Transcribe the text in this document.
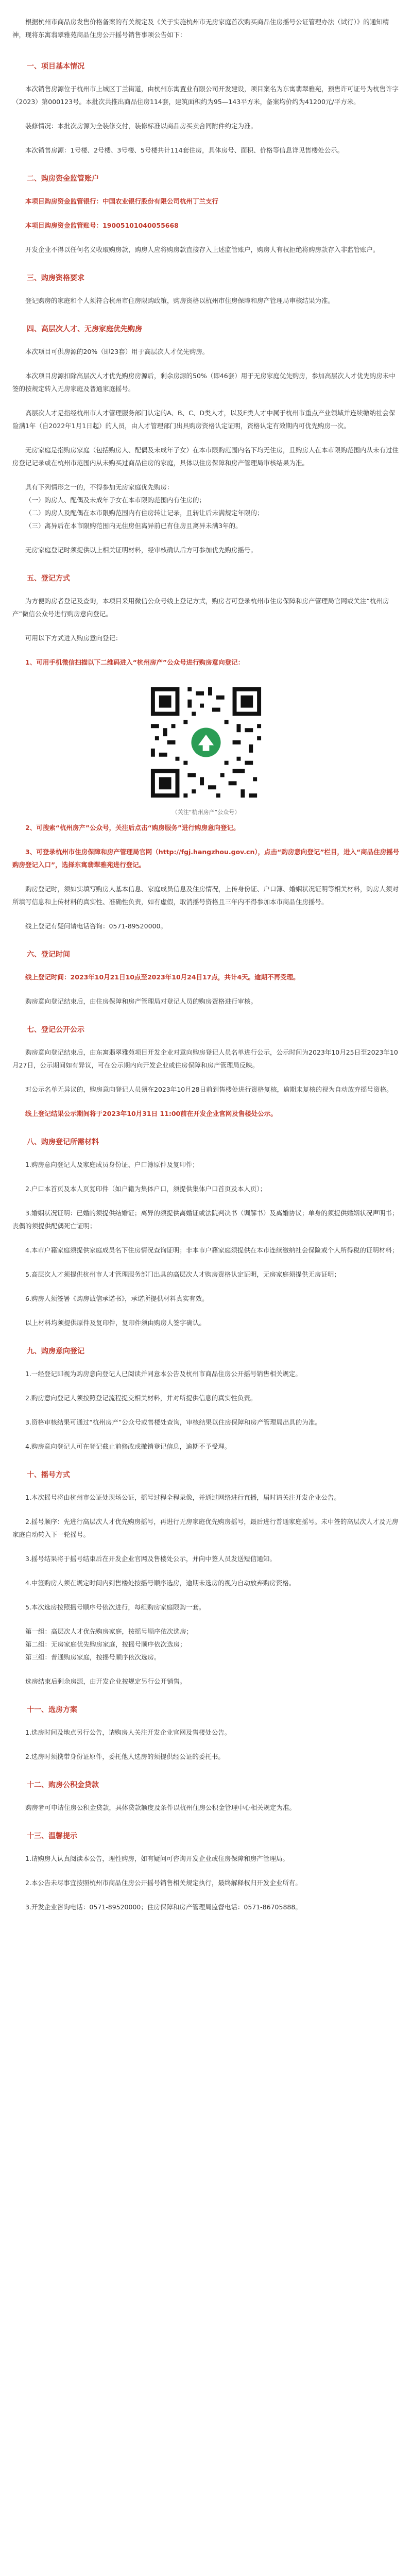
根据杭州市商品房发售价格备案的有关规定及《关于实施杭州市无房家庭首次购买商品住房摇号公证管理办法（试行）》的通知精神，现将东寓翡翠雅苑商品住房公开摇号销售事项公告如下：

一、项目基本情况

本次销售房源位于杭州市上城区丁兰街道，由杭州东寓置业有限公司开发建设，项目案名为东寓翡翠雅苑，预售许可证号为杭售许字（2023）第000123号。本批次共推出商品住房114套，建筑面积约为95—143平方米，备案均价约为41200元/平方米。

装修情况：本批次房源为全装修交付，装修标准以商品房买卖合同附件约定为准。

本次销售房源：1号楼、2号楼、3号楼、5号楼共计114套住房，具体房号、面积、价格等信息详见售楼处公示。

二、购房资金监管账户

本项目购房资金监管银行：中国农业银行股份有限公司杭州丁兰支行

本项目购房资金监管账号：19005101040055668

开发企业不得以任何名义收取购房款，购房人应将购房款直接存入上述监管账户，购房人有权拒绝将购房款存入非监管账户。

三、购房资格要求

登记购房的家庭和个人须符合杭州市住房限购政策，购房资格以杭州市住房保障和房产管理局审核结果为准。

四、高层次人才、无房家庭优先购房

本次项目可供房源的20%（即23套）用于高层次人才优先购房。

本次项目房源扣除高层次人才优先购房房源后，剩余房源的50%（即46套）用于无房家庭优先购房，参加高层次人才优先购房未中签的按规定转入无房家庭及普通家庭摇号。

高层次人才是指经杭州市人才管理服务部门认定的A、B、C、D类人才，以及E类人才中属于杭州市重点产业领域并连续缴纳社会保险满1年（自2022年1月1日起）的人员，由人才管理部门出具购房资格认定证明，资格认定有效期内可优先购房一次。

无房家庭是指购房家庭（包括购房人、配偶及未成年子女）在本市限购范围内名下均无住房，且购房人在本市限购范围内从未有过住房登记记录或在杭州市范围内从未购买过商品住房的家庭，具体以住房保障和房产管理局审核结果为准。

具有下列情形之一的，不得参加无房家庭优先购房：

（一）购房人、配偶及未成年子女在本市限购范围内有住房的；

（二）购房人及配偶在本市限购范围内有住房转让记录，且转让后未满规定年限的；

（三）离异后在本市限购范围内无住房但离异前已有住房且离异未满3年的。

无房家庭登记时须提供以上相关证明材料，经审核确认后方可参加优先购房摇号。

五、登记方式

为方便购房者登记及查询，本项目采用微信公众号线上登记方式，购房者可登录杭州市住房保障和房产管理局官网或关注“杭州房产”微信公众号进行购房意向登记。

可用以下方式进入购房意向登记：

1、可用手机微信扫描以下二维码进入“杭州房产”公众号进行购房意向登记：

（关注“杭州房产”公众号）

2、可搜索“杭州房产”公众号，关注后点击“购房服务”进行购房意向登记。

3、可登录杭州市住房保障和房产管理局官网（http://fgj.hangzhou.gov.cn），点击“购房意向登记”栏目，进入“商品住房摇号购房登记入口”，选择东寓翡翠雅苑进行登记。

购房登记时，须如实填写购房人基本信息、家庭成员信息及住房情况，上传身份证、户口簿、婚姻状况证明等相关材料，购房人须对所填写信息和上传材料的真实性、准确性负责，如有虚假，取消摇号资格且三年内不得参加本市商品住房摇号。

线上登记有疑问请电话咨询：0571-89520000。

六、登记时间

线上登记时间：2023年10月21日10点至2023年10月24日17点，共计4天。逾期不再受理。

购房意向登记结束后，由住房保障和房产管理局对登记人员的购房资格进行审核。

七、登记公开公示

购房意向登记结束后，由东寓翡翠雅苑项目开发企业对意向购房登记人员名单进行公示，公示时间为2023年10月25日至2023年10月27日，公示期间如有异议，可在公示期内向开发企业或住房保障和房产管理局反映。

对公示名单无异议的，购房意向登记人员须在2023年10月28日前到售楼处进行资格复核，逾期未复核的视为自动放弃摇号资格。

线上登记结果公示期间将于2023年10月31日 11:00前在开发企业官网及售楼处公示。

八、购房登记所需材料

1.购房意向登记人及家庭成员身份证、户口簿原件及复印件；

2.户口本首页及本人页复印件（如户籍为集体户口，须提供集体户口首页及本人页）；

3.婚姻状况证明：已婚的须提供结婚证；离异的须提供离婚证或法院判决书（调解书）及离婚协议；单身的须提供婚姻状况声明书；丧偶的须提供配偶死亡证明；

4.本市户籍家庭须提供家庭成员名下住房情况查询证明；非本市户籍家庭须提供在本市连续缴纳社会保险或个人所得税的证明材料；

5.高层次人才须提供杭州市人才管理服务部门出具的高层次人才购房资格认定证明，无房家庭须提供无房证明；

6.购房人须签署《购房诚信承诺书》，承诺所提供材料真实有效。

以上材料均须提供原件及复印件，复印件须由购房人签字确认。

九、购房意向登记

1.一经登记即视为购房意向登记人已阅读并同意本公告及杭州市商品住房公开摇号销售相关规定。

2.购房意向登记人须按照登记流程提交相关材料，并对所提供信息的真实性负责。

3.资格审核结果可通过“杭州房产”公众号或售楼处查询，审核结果以住房保障和房产管理局出具的为准。

4.购房意向登记人可在登记截止前修改或撤销登记信息，逾期不予受理。

十、摇号方式

1.本次摇号将由杭州市公证处现场公证，摇号过程全程录像，并通过网络进行直播，届时请关注开发企业公告。

2.摇号顺序：先进行高层次人才优先购房摇号，再进行无房家庭优先购房摇号，最后进行普通家庭摇号。未中签的高层次人才及无房家庭自动转入下一轮摇号。

3.摇号结果将于摇号结束后在开发企业官网及售楼处公示，并向中签人员发送短信通知。

4.中签购房人须在规定时间内到售楼处按摇号顺序选房，逾期未选房的视为自动放弃购房资格。

5.本次选房按照摇号顺序号依次进行，每组购房家庭限购一套。

第一组：高层次人才优先购房家庭，按摇号顺序依次选房；

第二组：无房家庭优先购房家庭，按摇号顺序依次选房；

第三组：普通购房家庭，按摇号顺序依次选房。

选房结束后剩余房源，由开发企业按规定另行公开销售。

十一、选房方案

1.选房时间及地点另行公告，请购房人关注开发企业官网及售楼处公告。

2.选房时须携带身份证原件，委托他人选房的须提供经公证的委托书。

十二、购房公积金贷款

购房者可申请住房公积金贷款，具体贷款额度及条件以杭州住房公积金管理中心相关规定为准。

十三、温馨提示

1.请购房人认真阅读本公告，理性购房，如有疑问可咨询开发企业或住房保障和房产管理局。

2.本公告未尽事宜按照杭州市商品住房公开摇号销售相关规定执行，最终解释权归开发企业所有。

3.开发企业咨询电话：0571-89520000；住房保障和房产管理局监督电话：0571-86705888。
